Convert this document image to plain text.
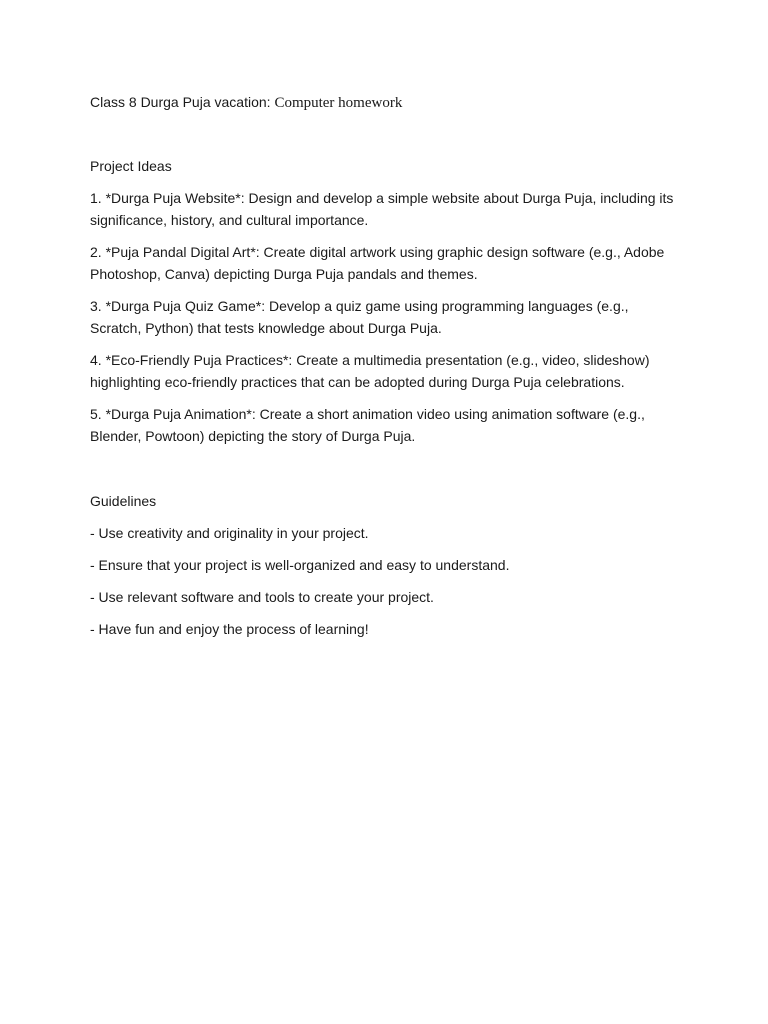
Class 8 Durga Puja vacation: Computer homework

Project Ideas
1. *Durga Puja Website*: Design and develop a simple website about Durga Puja, including its significance, history, and cultural importance.
2. *Puja Pandal Digital Art*: Create digital artwork using graphic design software (e.g., Adobe Photoshop, Canva) depicting Durga Puja pandals and themes.
3. *Durga Puja Quiz Game*: Develop a quiz game using programming languages (e.g., Scratch, Python) that tests knowledge about Durga Puja.
4. *Eco-Friendly Puja Practices*: Create a multimedia presentation (e.g., video, slideshow) highlighting eco-friendly practices that can be adopted during Durga Puja celebrations.
5. *Durga Puja Animation*: Create a short animation video using animation software (e.g., Blender, Powtoon) depicting the story of Durga Puja.
Guidelines
- Use creativity and originality in your project.
- Ensure that your project is well-organized and easy to understand.
- Use relevant software and tools to create your project.
- Have fun and enjoy the process of learning!
